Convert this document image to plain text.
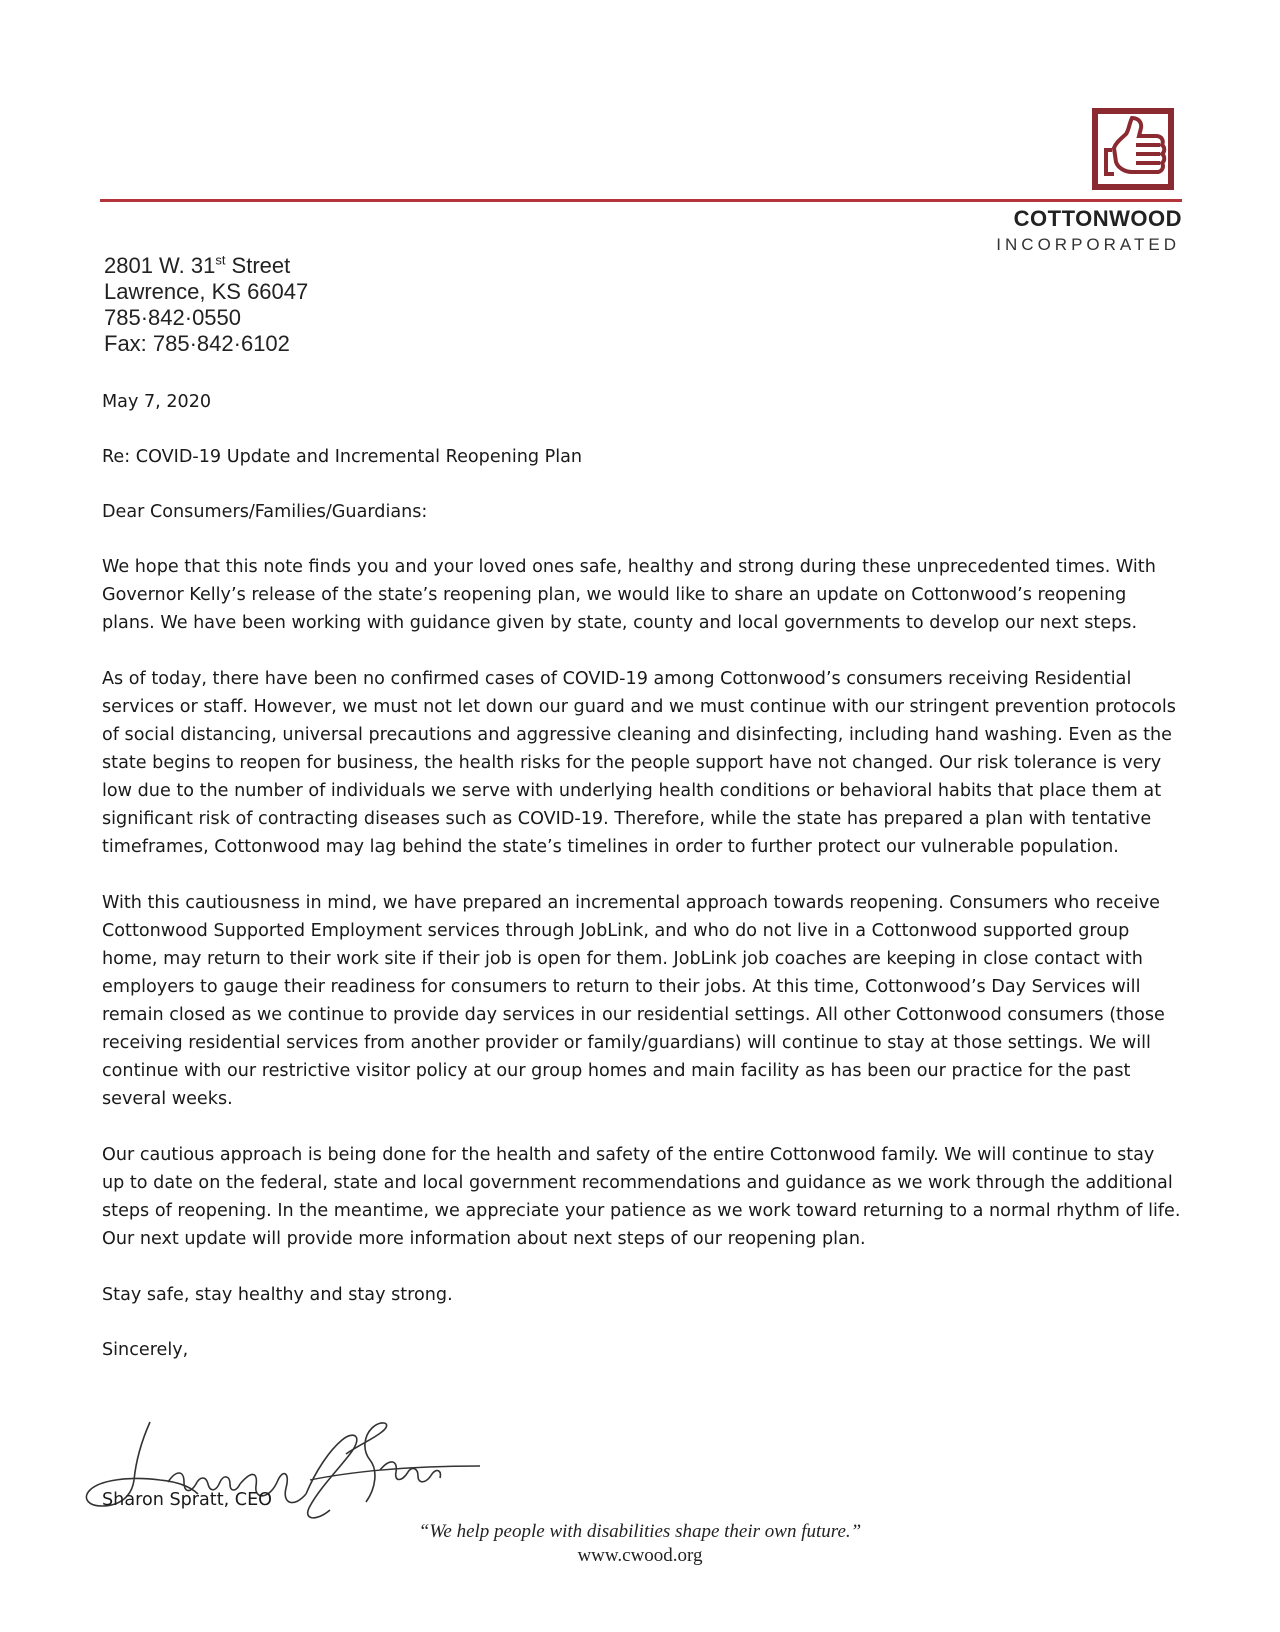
COTTONWOOD
INCORPORATED
2801 W. 31st Street
Lawrence, KS 66047
785·842·0550
Fax: 785·842·6102

May 7, 2020

Re: COVID-19 Update and Incremental Reopening Plan

Dear Consumers/Families/Guardians:

We hope that this note finds you and your loved ones safe, healthy and strong during these unprecedented times. With Governor Kelly’s release of the state’s reopening plan, we would like to share an update on Cottonwood’s reopening plans. We have been working with guidance given by state, county and local governments to develop our next steps.

As of today, there have been no confirmed cases of COVID-19 among Cottonwood’s consumers receiving Residential services or staff. However, we must not let down our guard and we must continue with our stringent prevention protocols of social distancing, universal precautions and aggressive cleaning and disinfecting, including hand washing. Even as the state begins to reopen for business, the health risks for the people support have not changed. Our risk tolerance is very low due to the number of individuals we serve with underlying health conditions or behavioral habits that place them at significant risk of contracting diseases such as COVID-19. Therefore, while the state has prepared a plan with tentative timeframes, Cottonwood may lag behind the state’s timelines in order to further protect our vulnerable population.

With this cautiousness in mind, we have prepared an incremental approach towards reopening. Consumers who receive Cottonwood Supported Employment services through JobLink, and who do not live in a Cottonwood supported group home, may return to their work site if their job is open for them. JobLink job coaches are keeping in close contact with employers to gauge their readiness for consumers to return to their jobs. At this time, Cottonwood’s Day Services will remain closed as we continue to provide day services in our residential settings. All other Cottonwood consumers (those receiving residential services from another provider or family/guardians) will continue to stay at those settings. We will continue with our restrictive visitor policy at our group homes and main facility as has been our practice for the past several weeks.

Our cautious approach is being done for the health and safety of the entire Cottonwood family. We will continue to stay up to date on the federal, state and local government recommendations and guidance as we work through the additional steps of reopening. In the meantime, we appreciate your patience as we work toward returning to a normal rhythm of life. Our next update will provide more information about next steps of our reopening plan.

Stay safe, stay healthy and stay strong.

Sincerely,

Sharon Spratt, CEO
“We help people with disabilities shape their own future.”
www.cwood.org
